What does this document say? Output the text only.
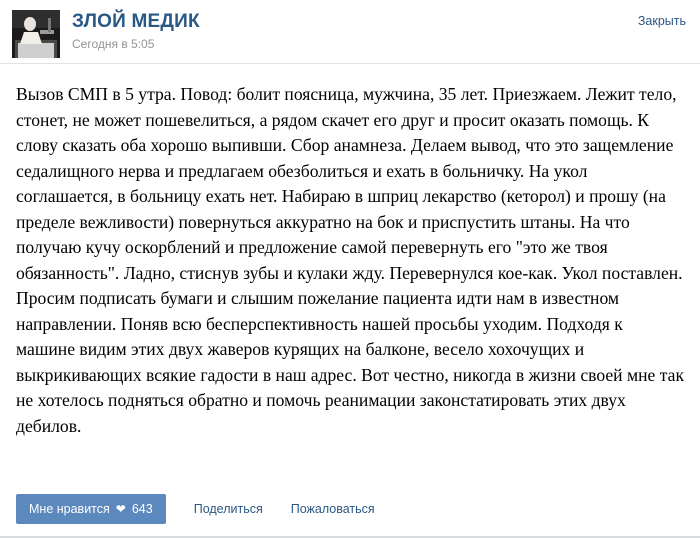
ЗЛОЙ МЕДИК
Сегодня в 5:05
Закрыть
Вызов СМП в 5 утра. Повод: болит поясница, мужчина, 35 лет. Приезжаем. Лежит тело, стонет, не может пошевелиться, а рядом скачет его друг и просит оказать помощь. К слову сказать оба хорошо выпивши. Сбор анамнеза. Делаем вывод, что это защемление седалищного нерва и предлагаем обезболиться и ехать в больничку. На укол соглашается, в больницу ехать нет. Набираю в шприц лекарство (кеторол) и прошу (на пределе вежливости) повернуться аккуратно на бок и приспустить штаны. На что получаю кучу оскорблений и предложение самой перевернуть его "это же твоя обязанность". Ладно, стиснув зубы и кулаки жду. Перевернулся кое-как. Укол поставлен. Просим подписать бумаги и слышим пожелание пациента идти нам в известном направлении. Поняв всю бесперспективность нашей просьбы уходим. Подходя к машине видим этих двух жаверов курящих на балконе, весело хохочущих и выкрикивающих всякие гадости в наш адрес. Вот честно, никогда в жизни своей мне так не хотелось подняться обратно и помочь реанимации законстатировать этих двух дебилов.
Мне нравится ❤ 643	Поделиться Пожаловаться
